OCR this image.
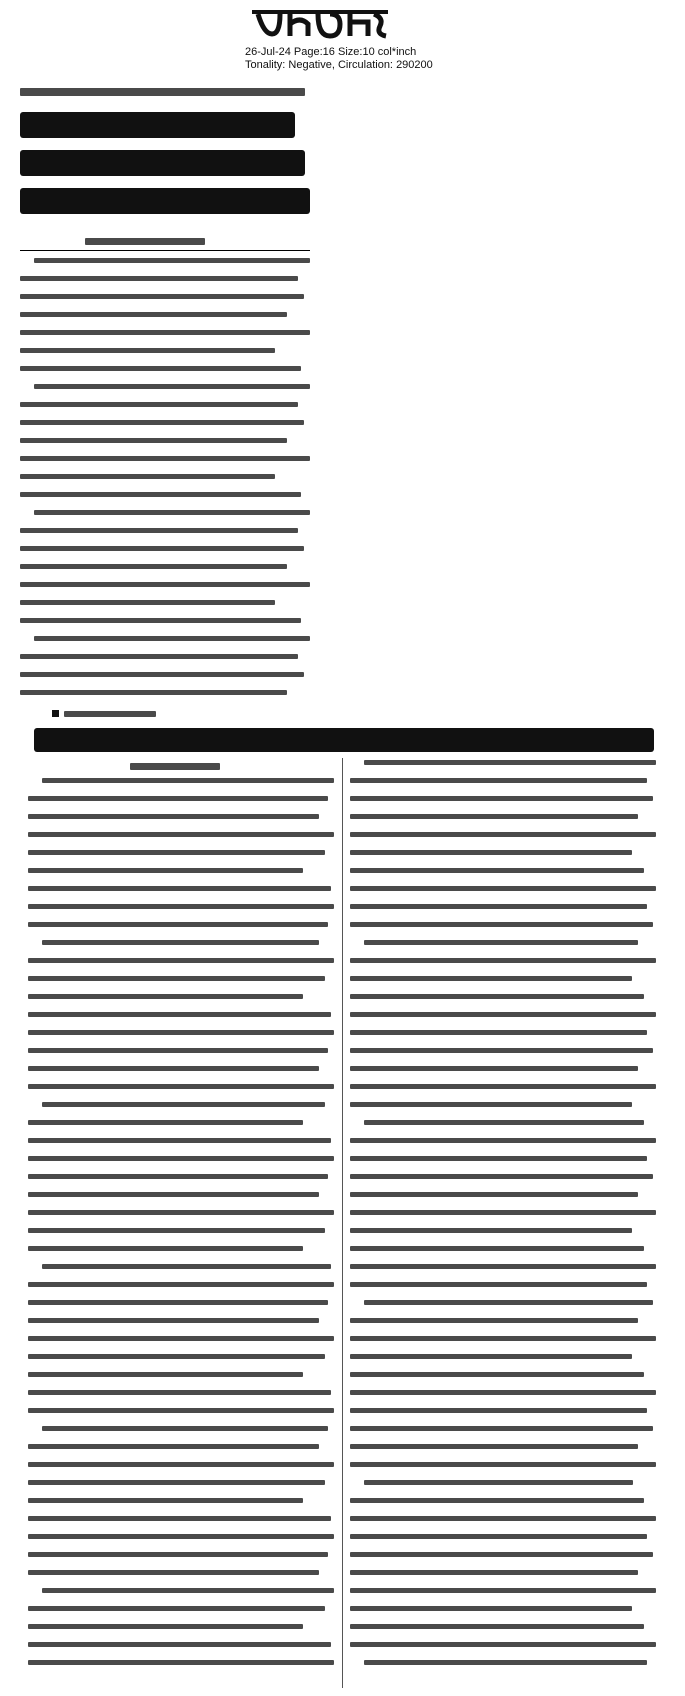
26-Jul-24 Page:16 Size:10 col*inch
Tonality: Negative, Circulation: 290200
